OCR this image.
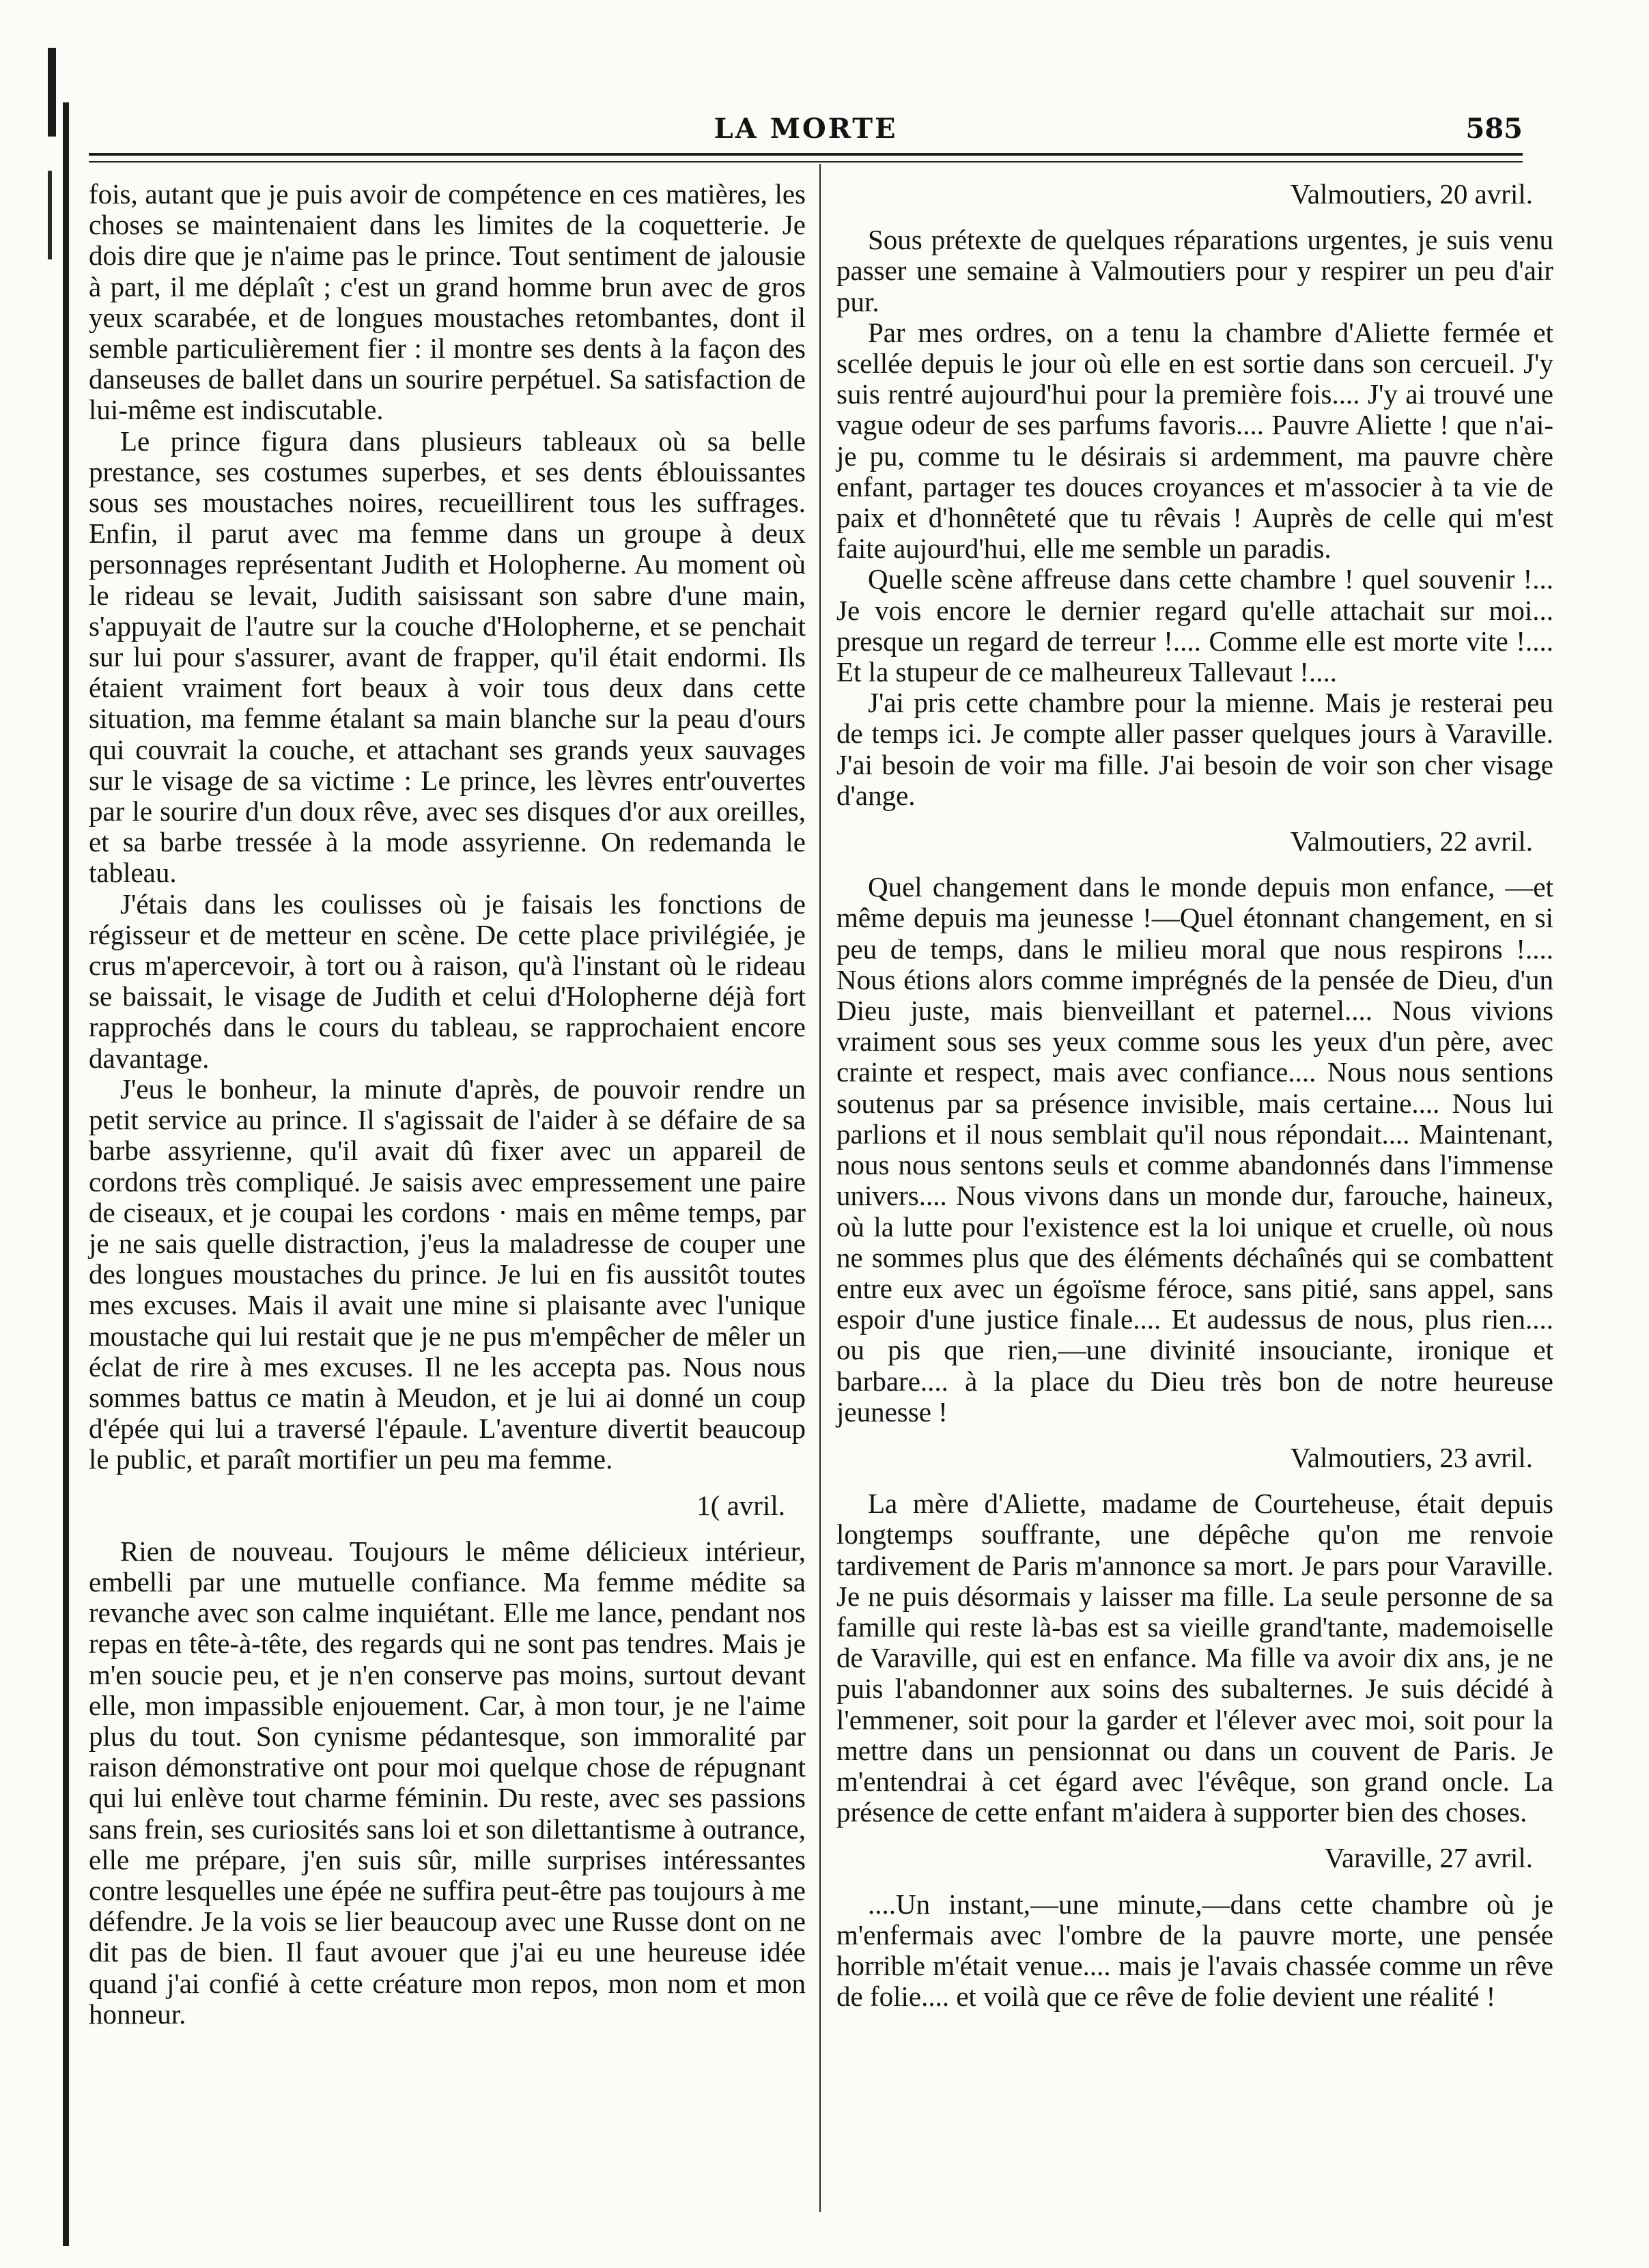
LA MORTE	585

fois, autant que je puis avoir de compétence en ces matières, les choses se maintenaient dans les limites de la coquetterie. Je dois dire que je n'aime pas le prince. Tout sentiment de jalousie à part, il me déplaît ; c'est un grand homme brun avec de gros yeux scarabée, et de longues moustaches retombantes, dont il semble particulièrement fier : il montre ses dents à la façon des danseuses de ballet dans un sourire perpétuel. Sa satisfaction de lui-même est indiscutable.

Le prince figura dans plusieurs tableaux où sa belle prestance, ses costumes superbes, et ses dents éblouissantes sous ses moustaches noires, recueillirent tous les suffrages. Enfin, il parut avec ma femme dans un groupe à deux personnages représentant Judith et Holopherne. Au moment où le rideau se levait, Judith saisissant son sabre d'une main, s'appuyait de l'autre sur la couche d'Holopherne, et se penchait sur lui pour s'assurer, avant de frapper, qu'il était endormi. Ils étaient vraiment fort beaux à voir tous deux dans cette situation, ma femme étalant sa main blanche sur la peau d'ours qui couvrait la couche, et attachant ses grands yeux sauvages sur le visage de sa victime : Le prince, les lèvres entr'ouvertes par le sourire d'un doux rêve, avec ses disques d'or aux oreilles, et sa barbe tressée à la mode assyrienne. On redemanda le tableau.

J'étais dans les coulisses où je faisais les fonctions de régisseur et de metteur en scène. De cette place privilégiée, je crus m'apercevoir, à tort ou à raison, qu'à l'instant où le rideau se baissait, le visage de Judith et celui d'Holopherne déjà fort rapprochés dans le cours du tableau, se rapprochaient encore davantage.

J'eus le bonheur, la minute d'après, de pouvoir rendre un petit service au prince. Il s'agissait de l'aider à se défaire de sa barbe assyrienne, qu'il avait dû fixer avec un appareil de cordons très compliqué. Je saisis avec empressement une paire de ciseaux, et je coupai les cordons · mais en même temps, par je ne sais quelle distraction, j'eus la maladresse de couper une des longues moustaches du prince. Je lui en fis aussitôt toutes mes excuses. Mais il avait une mine si plaisante avec l'unique moustache qui lui restait que je ne pus m'empêcher de mêler un éclat de rire à mes excuses. Il ne les accepta pas. Nous nous sommes battus ce matin à Meudon, et je lui ai donné un coup d'épée qui lui a traversé l'épaule. L'aventure divertit beaucoup le public, et paraît mortifier un peu ma femme.

1( avril.

Rien de nouveau. Toujours le même délicieux intérieur, embelli par une mutuelle confiance. Ma femme médite sa revanche avec son calme inquiétant. Elle me lance, pendant nos repas en tête-à-tête, des regards qui ne sont pas tendres. Mais je m'en soucie peu, et je n'en conserve pas moins, surtout devant elle, mon impassible enjouement. Car, à mon tour, je ne l'aime plus du tout. Son cynisme pédantesque, son immoralité par raison démonstrative ont pour moi quelque chose de répugnant qui lui enlève tout charme féminin. Du reste, avec ses passions sans frein, ses curiosités sans loi et son dilettantisme à outrance, elle me prépare, j'en suis sûr, mille surprises intéressantes contre lesquelles une épée ne suffira peut-être pas toujours à me défendre. Je la vois se lier beaucoup avec une Russe dont on ne dit pas de bien. Il faut avouer que j'ai eu une heureuse idée quand j'ai confié à cette créature mon repos, mon nom et mon honneur.

Valmoutiers, 20 avril.

Sous prétexte de quelques réparations urgentes, je suis venu passer une semaine à Valmoutiers pour y respirer un peu d'air pur.

Par mes ordres, on a tenu la chambre d'Aliette fermée et scellée depuis le jour où elle en est sortie dans son cercueil. J'y suis rentré aujourd'hui pour la première fois.... J'y ai trouvé une vague odeur de ses parfums favoris.... Pauvre Aliette ! que n'ai-je pu, comme tu le désirais si ardemment, ma pauvre chère enfant, partager tes douces croyances et m'associer à ta vie de paix et d'honnêteté que tu rêvais ! Auprès de celle qui m'est faite aujourd'hui, elle me semble un paradis.

Quelle scène affreuse dans cette chambre ! quel souvenir !... Je vois encore le dernier regard qu'elle attachait sur moi... presque un regard de terreur !.... Comme elle est morte vite !.... Et la stupeur de ce malheureux Tallevaut !....

J'ai pris cette chambre pour la mienne. Mais je resterai peu de temps ici. Je compte aller passer quelques jours à Varaville. J'ai besoin de voir ma fille. J'ai besoin de voir son cher visage d'ange.

Valmoutiers, 22 avril.

Quel changement dans le monde depuis mon enfance, —et même depuis ma jeunesse !—Quel étonnant changement, en si peu de temps, dans le milieu moral que nous respirons !.... Nous étions alors comme imprégnés de la pensée de Dieu, d'un Dieu juste, mais bienveillant et paternel.... Nous vivions vraiment sous ses yeux comme sous les yeux d'un père, avec crainte et respect, mais avec confiance.... Nous nous sentions soutenus par sa présence invisible, mais certaine.... Nous lui parlions et il nous semblait qu'il nous répondait.... Maintenant, nous nous sentons seuls et comme abandonnés dans l'immense univers.... Nous vivons dans un monde dur, farouche, haineux, où la lutte pour l'existence est la loi unique et cruelle, où nous ne sommes plus que des éléments déchaînés qui se combattent entre eux avec un égoïsme féroce, sans pitié, sans appel, sans espoir d'une justice finale.... Et audessus de nous, plus rien.... ou pis que rien,—une divinité insouciante, ironique et barbare.... à la place du Dieu très bon de notre heureuse jeunesse !

Valmoutiers, 23 avril.

La mère d'Aliette, madame de Courteheuse, était depuis longtemps souffrante, une dépêche qu'on me renvoie tardivement de Paris m'annonce sa mort. Je pars pour Varaville. Je ne puis désormais y laisser ma fille. La seule personne de sa famille qui reste là-bas est sa vieille grand'tante, mademoiselle de Varaville, qui est en enfance. Ma fille va avoir dix ans, je ne puis l'abandonner aux soins des subalternes. Je suis décidé à l'emmener, soit pour la garder et l'élever avec moi, soit pour la mettre dans un pensionnat ou dans un couvent de Paris. Je m'entendrai à cet égard avec l'évêque, son grand oncle. La présence de cette enfant m'aidera à supporter bien des choses.

Varaville, 27 avril.

....Un instant,—une minute,—dans cette chambre où je m'enfermais avec l'ombre de la pauvre morte, une pensée horrible m'était venue.... mais je l'avais chassée comme un rêve de folie.... et voilà que ce rêve de folie devient une réalité !
